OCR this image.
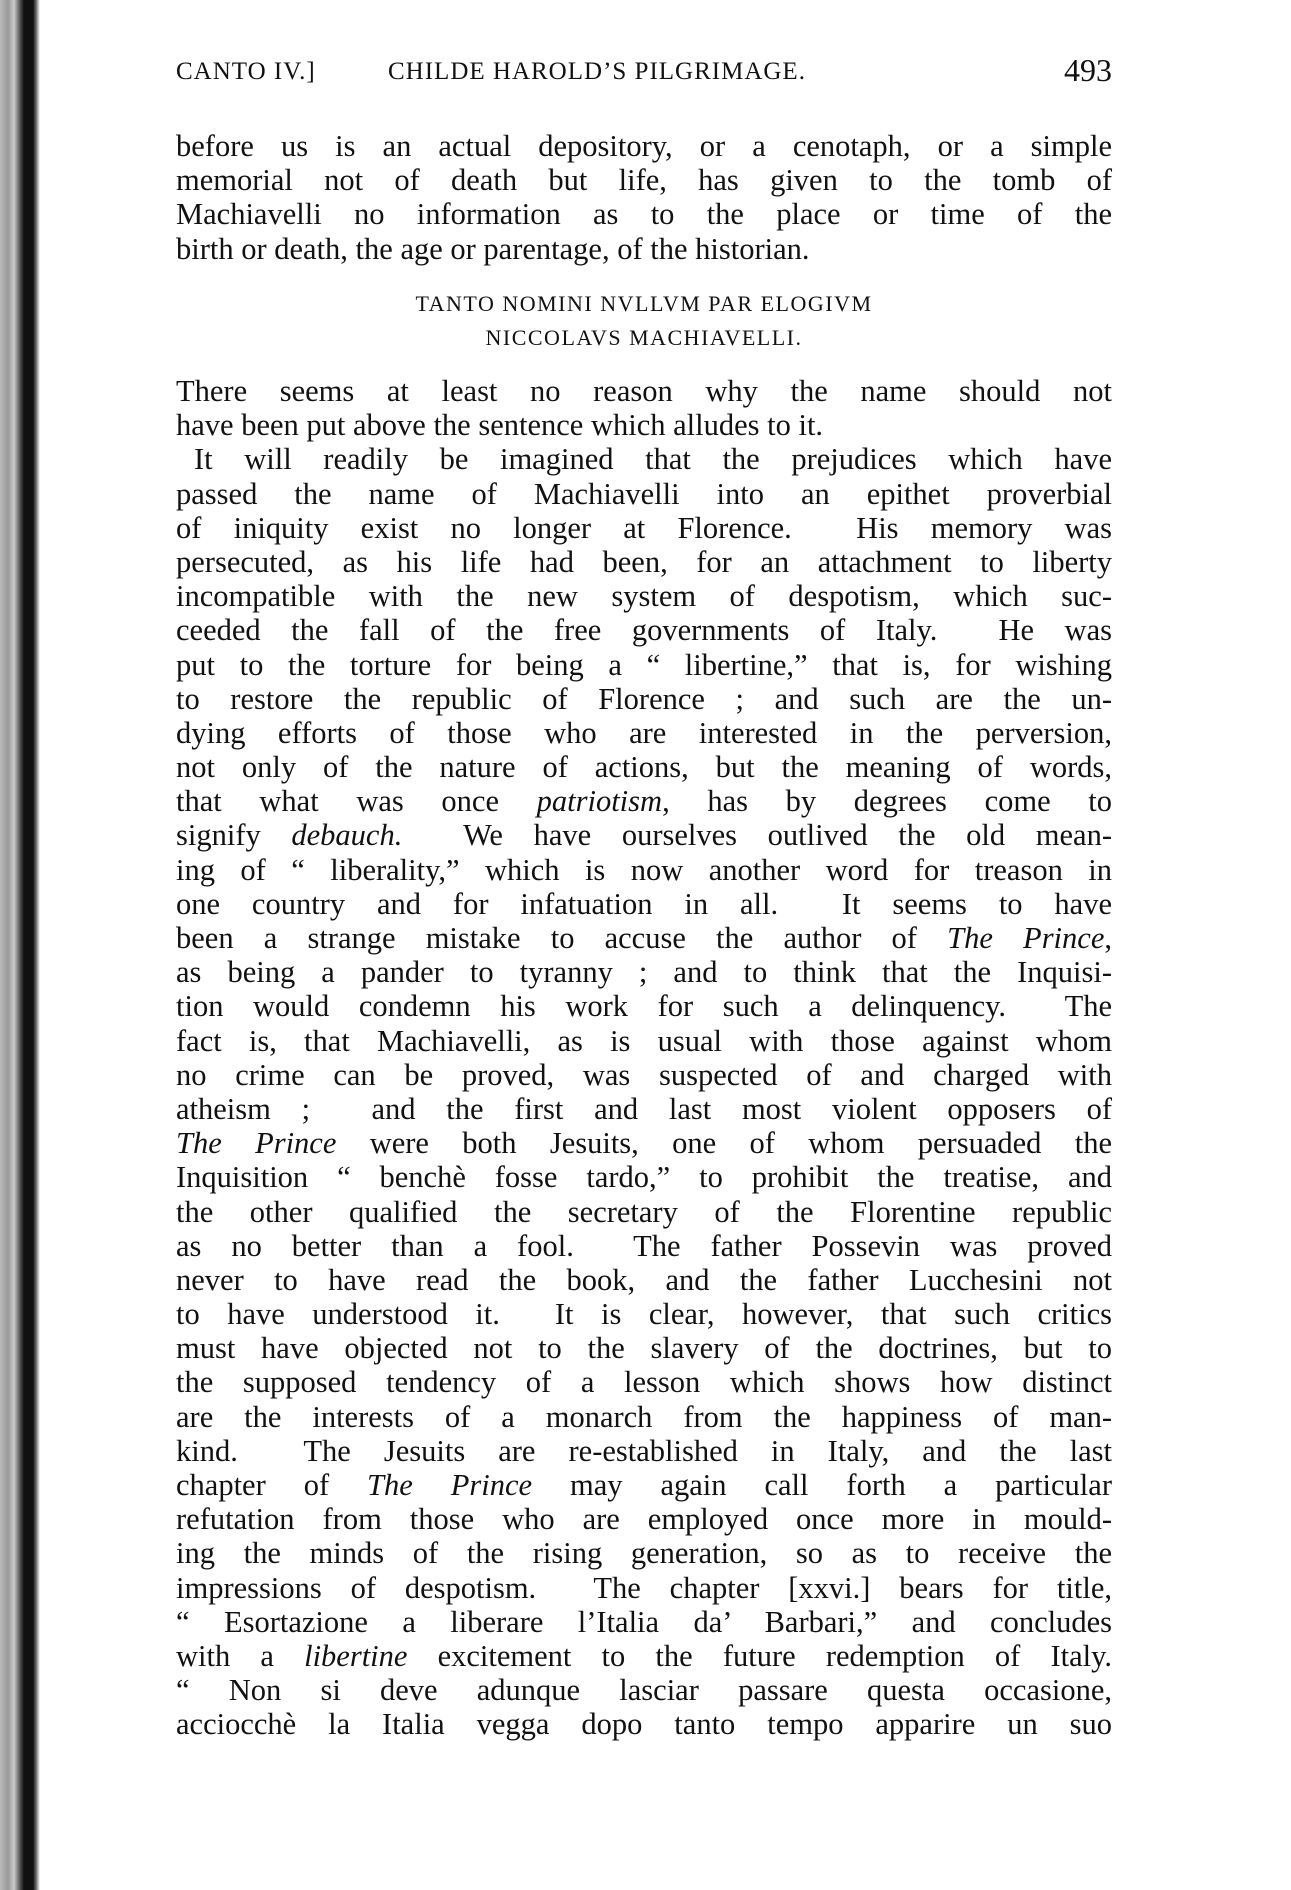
CANTO IV.]	CHILDE HAROLD’S PILGRIMAGE.	493
before us is an actual depository, or a cenotaph, or a simple
memorial not of death but life, has given to the tomb of
Machiavelli no information as to the place or time of the
birth or death, the age or parentage, of the historian.
TANTO NOMINI NVLLVM PAR ELOGIVM
NICCOLAVS MACHIAVELLI.
There seems at least no reason why the name should not
have been put above the sentence which alludes to it.
It will readily be imagined that the prejudices which have
passed the name of Machiavelli into an epithet proverbial
of iniquity exist no longer at Florence.  His memory was
persecuted, as his life had been, for an attachment to liberty
incompatible with the new system of despotism, which suc-
ceeded the fall of the free governments of Italy.  He was
put to the torture for being a “ libertine,” that is, for wishing
to restore the republic of Florence ; and such are the un-
dying efforts of those who are interested in the perversion,
not only of the nature of actions, but the meaning of words,
that what was once patriotism, has by degrees come to
signify debauch.  We have ourselves outlived the old mean-
ing of “ liberality,” which is now another word for treason in
one country and for infatuation in all.  It seems to have
been a strange mistake to accuse the author of The Prince,
as being a pander to tyranny ; and to think that the Inquisi-
tion would condemn his work for such a delinquency.  The
fact is, that Machiavelli, as is usual with those against whom
no crime can be proved, was suspected of and charged with
atheism ;  and the first and last most violent opposers of
The Prince were both Jesuits, one of whom persuaded the
Inquisition “ benchè fosse tardo,” to prohibit the treatise, and
the other qualified the secretary of the Florentine republic
as no better than a fool.  The father Possevin was proved
never to have read the book, and the father Lucchesini not
to have understood it.  It is clear, however, that such critics
must have objected not to the slavery of the doctrines, but to
the supposed tendency of a lesson which shows how distinct
are the interests of a monarch from the happiness of man-
kind.  The Jesuits are re-established in Italy, and the last
chapter of The Prince may again call forth a particular
refutation from those who are employed once more in mould-
ing the minds of the rising generation, so as to receive the
impressions of despotism.  The chapter [xxvi.] bears for title,
“ Esortazione a liberare l’Italia da’ Barbari,” and concludes
with a libertine excitement to the future redemption of Italy.
“ Non si deve adunque lasciar passare questa occasione,
acciocchè la Italia vegga dopo tanto tempo apparire un suo
